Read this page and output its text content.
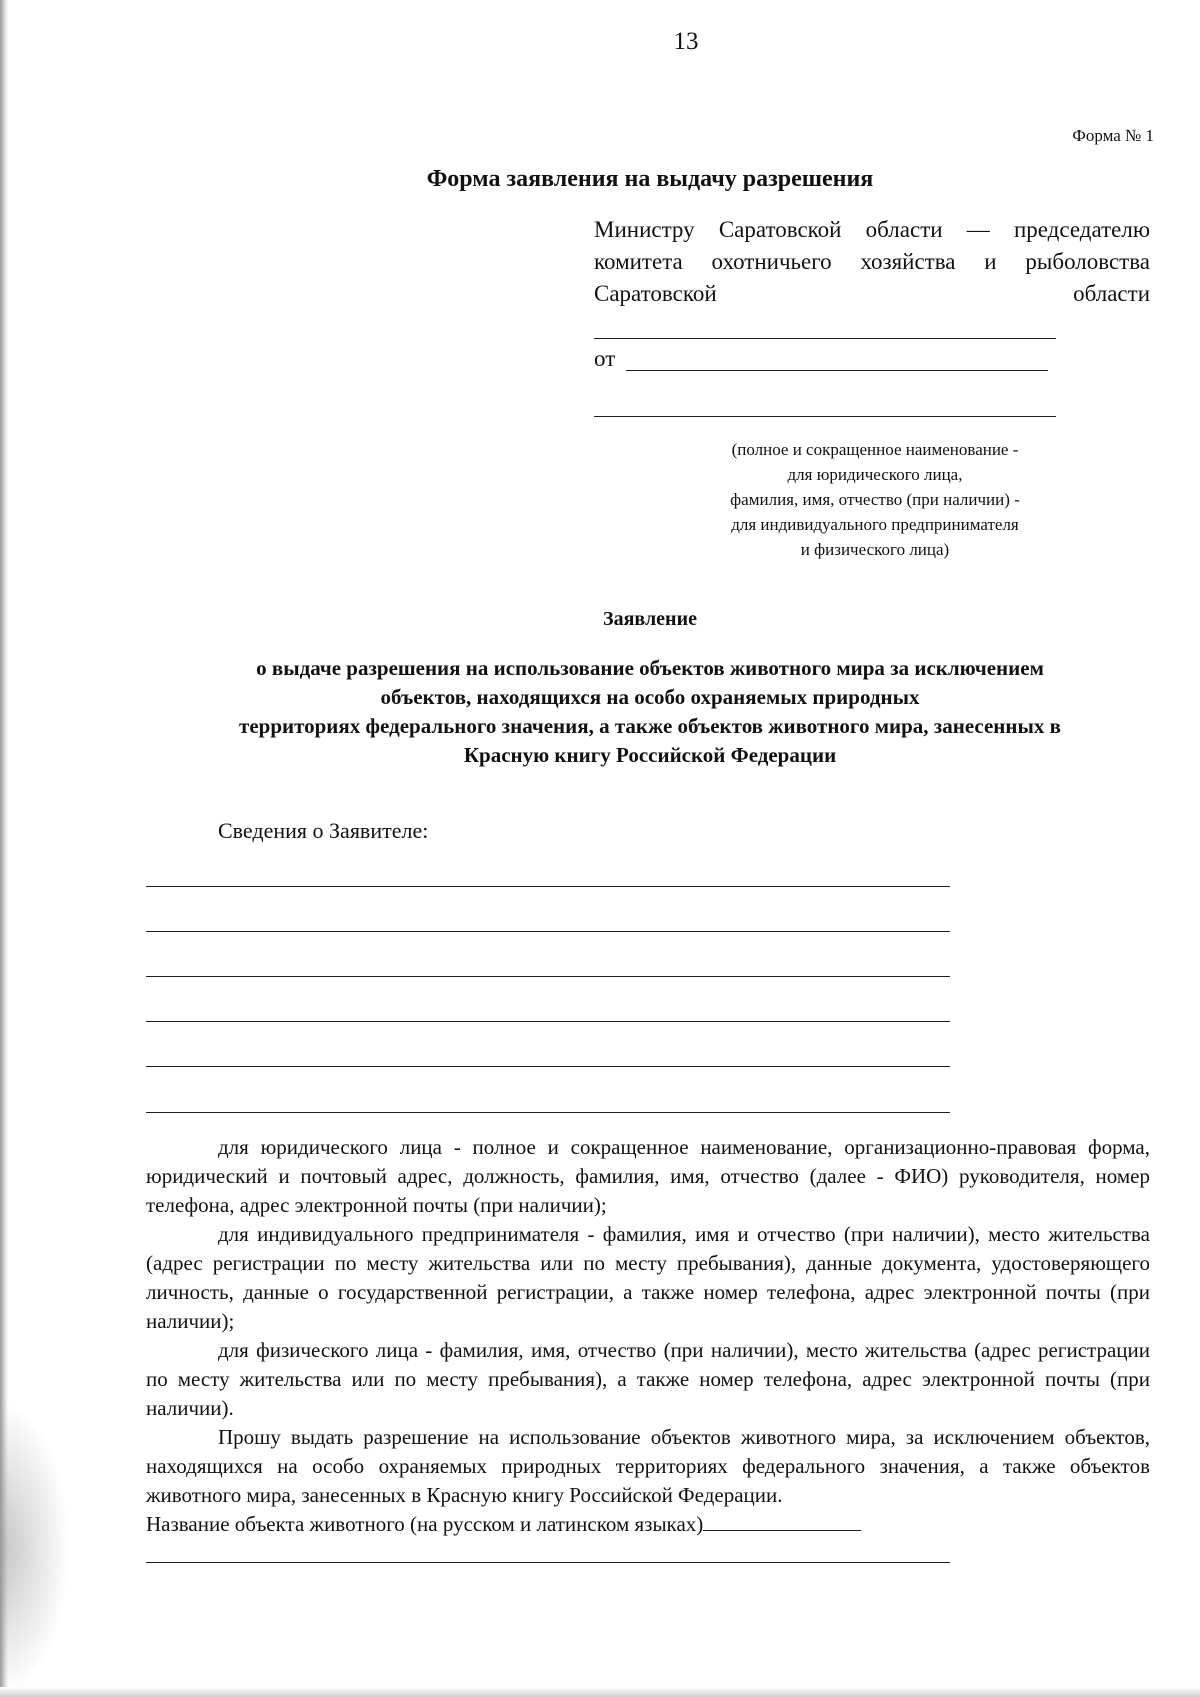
13
Форма № 1
Форма заявления на выдачу разрешения
Министру Саратовской области — председателю комитета охотничьего хозяйства и рыболовства Саратовской области
от
(полное и сокращенное наименование -
для юридического лица,
фамилия, имя, отчество (при наличии) -
для индивидуального предпринимателя
и физического лица)
Заявление
о выдаче разрешения на использование объектов животного мира за исключением
объектов, находящихся на особо охраняемых природных
территориях федерального значения, а также объектов животного мира, занесенных в
Красную книгу Российской Федерации
Сведения о Заявителе:

для юридического лица - полное и сокращенное наименование, организационно-правовая форма, юридический и почтовый адрес, должность, фамилия, имя, отчество (далее - ФИО) руководителя, номер телефона, адрес электронной почты (при наличии);

для индивидуального предпринимателя - фамилия, имя и отчество (при наличии), место жительства (адрес регистрации по месту жительства или по месту пребывания), данные документа, удостоверяющего личность, данные о государственной регистрации, а также номер телефона, адрес электронной почты (при наличии);

для физического лица - фамилия, имя, отчество (при наличии), место жительства (адрес регистрации по месту жительства или по месту пребывания), а также номер телефона, адрес электронной почты (при наличии).

Прошу выдать разрешение на использование объектов животного мира, за исключением объектов, находящихся на особо охраняемых природных территориях федерального значения, а также объектов животного мира, занесенных в Красную книгу Российской Федерации.

Название объекта животного (на русском и латинском языках)
